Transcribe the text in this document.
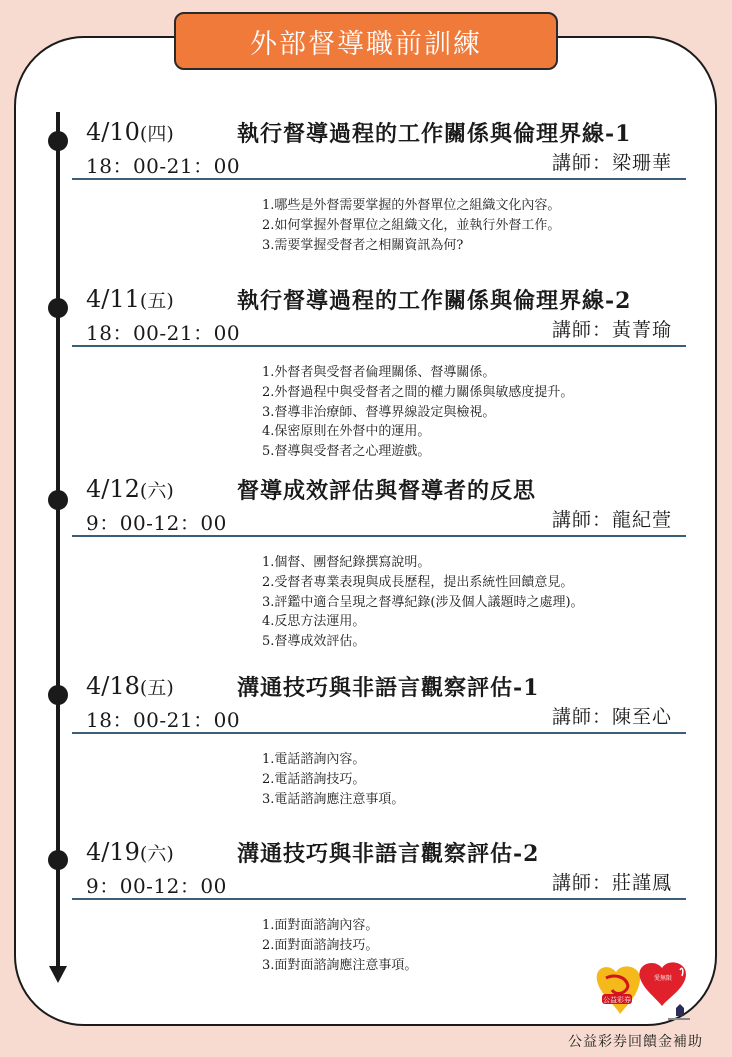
外部督導職前訓練
4/10(四)
18：00-21：00
執行督導過程的工作關係與倫理界線-1
講師：梁珊華
1.哪些是外督需要掌握的外督單位之組織文化內容。
2.如何掌握外督單位之組織文化，並執行外督工作。
3.需要掌握受督者之相關資訊為何?
4/11(五)
18：00-21：00
執行督導過程的工作關係與倫理界線-2
講師：黃菁瑜
1.外督者與受督者倫理關係、督導關係。
2.外督過程中與受督者之間的權力關係與敏感度提升。
3.督導非治療師、督導界線設定與檢視。
4.保密原則在外督中的運用。
5.督導與受督者之心理遊戲。
4/12(六)
9：00-12：00
督導成效評估與督導者的反思
講師：龍紀萱
1.個督、團督紀錄撰寫說明。
2.受督者專業表現與成長歷程，提出系統性回饋意見。
3.評鑑中適合呈現之督導紀錄(涉及個人議題時之處理)。
4.反思方法運用。
5.督導成效評估。
4/18(五)
18：00-21：00
溝通技巧與非語言觀察評估-1
講師：陳至心
1.電話諮詢內容。
2.電話諮詢技巧。
3.電話諮詢應注意事項。
4/19(六)
9：00-12：00
溝通技巧與非語言觀察評估-2
講師：莊謹鳳
1.面對面諮詢內容。
2.面對面諮詢技巧。
3.面對面諮詢應注意事項。
公益彩券
愛無限
公益彩券回饋金補助
